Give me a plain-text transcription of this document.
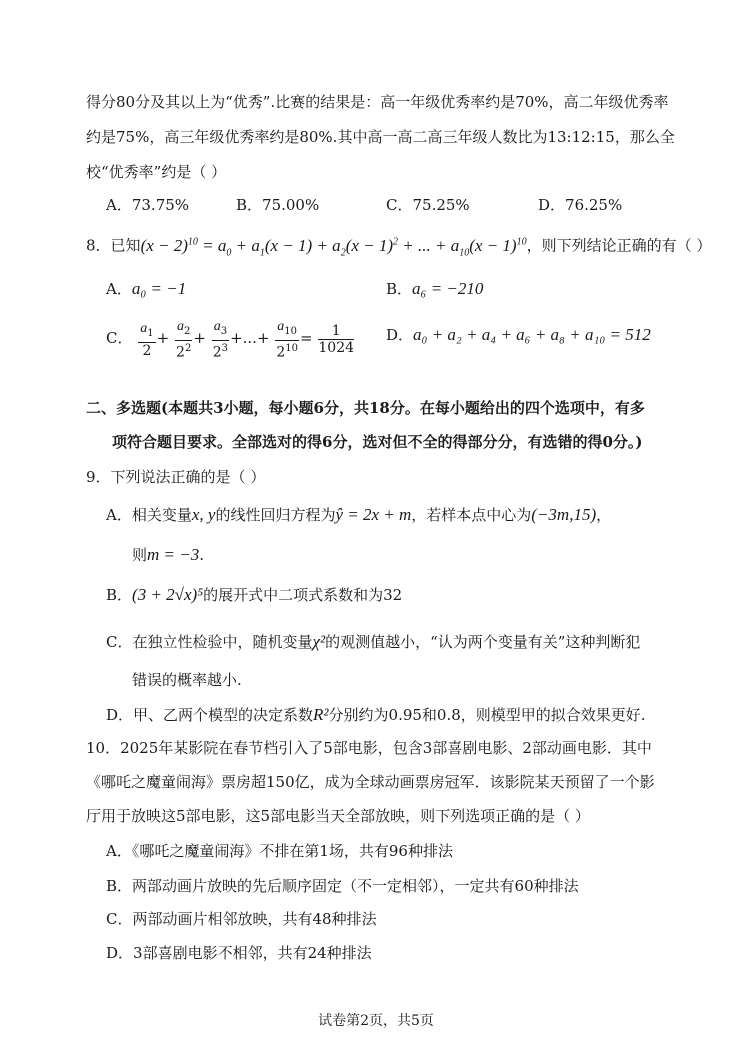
得分80分及其以上为“优秀”.比赛的结果是：高一年级优秀率约是70%，高二年级优秀率
约是75%，高三年级优秀率约是80%.其中高一高二高三年级人数比为13:12:15，那么全
校“优秀率”约是（ ）
A．73.75%	B．75.00%	C．75.25%	D．76.25%
8．已知$(x - 2)^{10} = a_0 + a_1(x - 1) + a_2(x - 1)^2$ + ... + $a_{10}(x - 1)^{10}$，则下列结论正确的有（ ）
A．a₀ = −1	B．a₆ = −210
C． $\frac{a_1}{2} + \frac{a_2}{2^2} + \frac{a_3}{2^3}$ +...+ $\frac{a_{10}}{2^{10}} = \frac{1}{1024}$ D．a₀ + a₂ + a₄ + a₆ + a₈ + a₁₀ = 512
二、多选题(本题共3小题，每小题6分，共18分。在每小题给出的四个选项中，有多
项符合题目要求。全部选对的得6分，选对但不全的得部分分，有选错的得0分。)
9．下列说法正确的是（ ）
A．相关变量x, y的线性回归方程为ŷ = 2x + m，若样本点中心为(−3m,15)，
则m = −3.
B．(3 + 2√x)⁵的展开式中二项式系数和为32
C．在独立性检验中，随机变量χ²的观测值越小，“认为两个变量有关”这种判断犯
错误的概率越小.
D．甲、乙两个模型的决定系数R²分别约为0.95和0.8，则模型甲的拟合效果更好.
10．2025年某影院在春节档引入了5部电影，包含3部喜剧电影、2部动画电影．其中
《哪吒之魔童闹海》票房超150亿，成为全球动画票房冠军．该影院某天预留了一个影
厅用于放映这5部电影，这5部电影当天全部放映，则下列选项正确的是（ ）
A．《哪吒之魔童闹海》不排在第1场，共有96种排法
B．两部动画片放映的先后顺序固定（不一定相邻），一定共有60种排法
C．两部动画片相邻放映，共有48种排法
D．3部喜剧电影不相邻，共有24种排法
试卷第2页，共5页
